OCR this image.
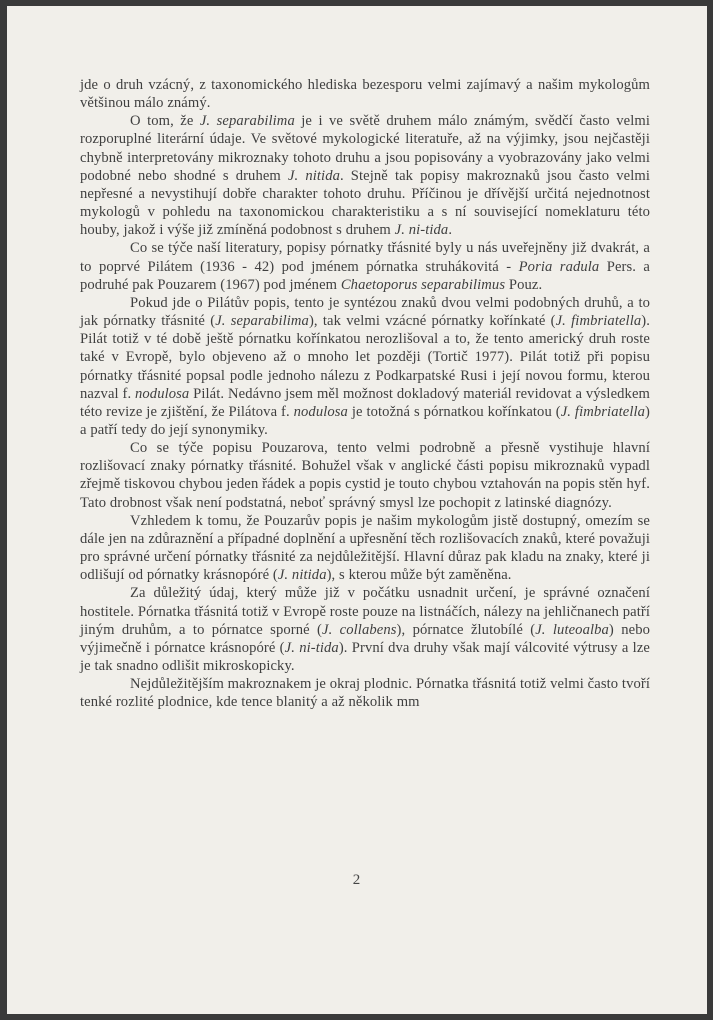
jde o druh vzácný, z taxonomického hlediska bezesporu velmi zajímavý a našim mykologům většinou málo známý.

O tom, že J. separabilima je i ve světě druhem málo známým, svědčí často velmi rozporuplné literární údaje. Ve světové mykologické literatuře, až na výjimky, jsou nejčastěji chybně interpretovány mikroznaky tohoto druhu a jsou popisovány a vyobrazovány jako velmi podobné nebo shodné s druhem J. nitida. Stejně tak popisy makroznaků jsou často velmi nepřesné a nevystihují dobře charakter tohoto druhu. Příčinou je dřívější určitá nejednotnost mykologů v pohledu na taxonomickou charakteristiku a s ní související nomeklaturu této houby, jakož i výše již zmíněná podobnost s druhem J. ni-tida.

Co se týče naší literatury, popisy pórnatky třásnité byly u nás uveřejněny již dvakrát, a to poprvé Pilátem (1936 - 42) pod jménem pórnatka struhákovitá - Poria radula Pers. a podruhé pak Pouzarem (1967) pod jménem Chaetoporus separabilimus Pouz.

Pokud jde o Pilátův popis, tento je syntézou znaků dvou velmi podobných druhů, a to jak pórnatky třásnité (J. separabilima), tak velmi vzácné pórnatky kořínkaté (J. fimbriatella). Pilát totiž v té době ještě pórnatku kořínkatou nerozlišoval a to, že tento americký druh roste také v Evropě, bylo objeveno až o mnoho let později (Tortič 1977). Pilát totiž při popisu pórnatky třásnité popsal podle jednoho nálezu z Podkarpatské Rusi i její novou formu, kterou nazval f. nodulosa Pilát. Nedávno jsem měl možnost dokladový materiál revidovat a výsledkem této revize je zjištění, že Pilátova f. nodulosa je totožná s pórnatkou kořínkatou (J. fimbriatella) a patří tedy do její synonymiky.

Co se týče popisu Pouzarova, tento velmi podrobně a přesně vystihuje hlavní rozlišovací znaky pórnatky třásnité. Bohužel však v anglické části popisu mikroznaků vypadl zřejmě tiskovou chybou jeden řádek a popis cystid je touto chybou vztahován na popis stěn hyf. Tato drobnost však není podstatná, neboť správný smysl lze pochopit z latinské diagnózy.

Vzhledem k tomu, že Pouzarův popis je našim mykologům jistě dostupný, omezím se dále jen na zdůraznění a případné doplnění a upřesnění těch rozlišovacích znaků, které považuji pro správné určení pórnatky třásnité za nejdůležitější. Hlavní důraz pak kladu na znaky, které ji odlišují od pórnatky krásnopóré (J. nitida), s kterou může být zaměněna.

Za důležitý údaj, který může již v počátku usnadnit určení, je správné označení hostitele. Pórnatka třásnitá totiž v Evropě roste pouze na listnáčích, nálezy na jehličnanech patří jiným druhům, a to pórnatce sporné (J. collabens), pórnatce žlutobílé (J. luteoalba) nebo výjimečně i pórnatce krásnopóré (J. ni-tida). První dva druhy však mají válcovité výtrusy a lze je tak snadno odlišit mikroskopicky.

Nejdůležitějším makroznakem je okraj plodnic. Pórnatka třásnitá totiž velmi často tvoří tenké rozlité plodnice, kde tence blanitý a až několik mm

2
